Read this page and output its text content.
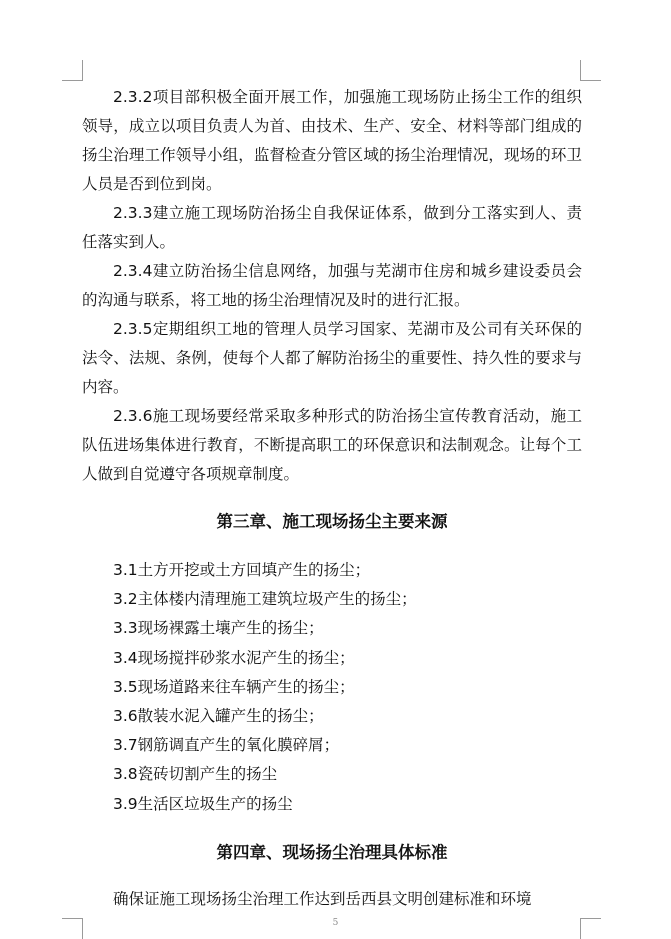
2.3.2项目部积极全面开展工作，加强施工现场防止扬尘工作的组织领导，成立以项目负责人为首、由技术、生产、安全、材料等部门组成的扬尘治理工作领导小组，监督检查分管区域的扬尘治理情况，现场的环卫人员是否到位到岗。

2.3.3建立施工现场防治扬尘自我保证体系，做到分工落实到人、责任落实到人。

2.3.4建立防治扬尘信息网络，加强与芜湖市住房和城乡建设委员会的沟通与联系，将工地的扬尘治理情况及时的进行汇报。

2.3.5定期组织工地的管理人员学习国家、芜湖市及公司有关环保的法令、法规、条例，使每个人都了解防治扬尘的重要性、持久性的要求与内容。

2.3.6施工现场要经常采取多种形式的防治扬尘宣传教育活动，施工队伍进场集体进行教育，不断提高职工的环保意识和法制观念。让每个工人做到自觉遵守各项规章制度。

第三章、施工现场扬尘主要来源
3.1土方开挖或土方回填产生的扬尘；
3.2主体楼内清理施工建筑垃圾产生的扬尘；
3.3现场裸露土壤产生的扬尘；
3.4现场搅拌砂浆水泥产生的扬尘；
3.5现场道路来往车辆产生的扬尘；
3.6散装水泥入罐产生的扬尘；
3.7钢筋调直产生的氧化膜碎屑；
3.8瓷砖切割产生的扬尘
3.9生活区垃圾生产的扬尘
第四章、现场扬尘治理具体标准

确保证施工现场扬尘治理工作达到岳西县文明创建标准和环境

5
